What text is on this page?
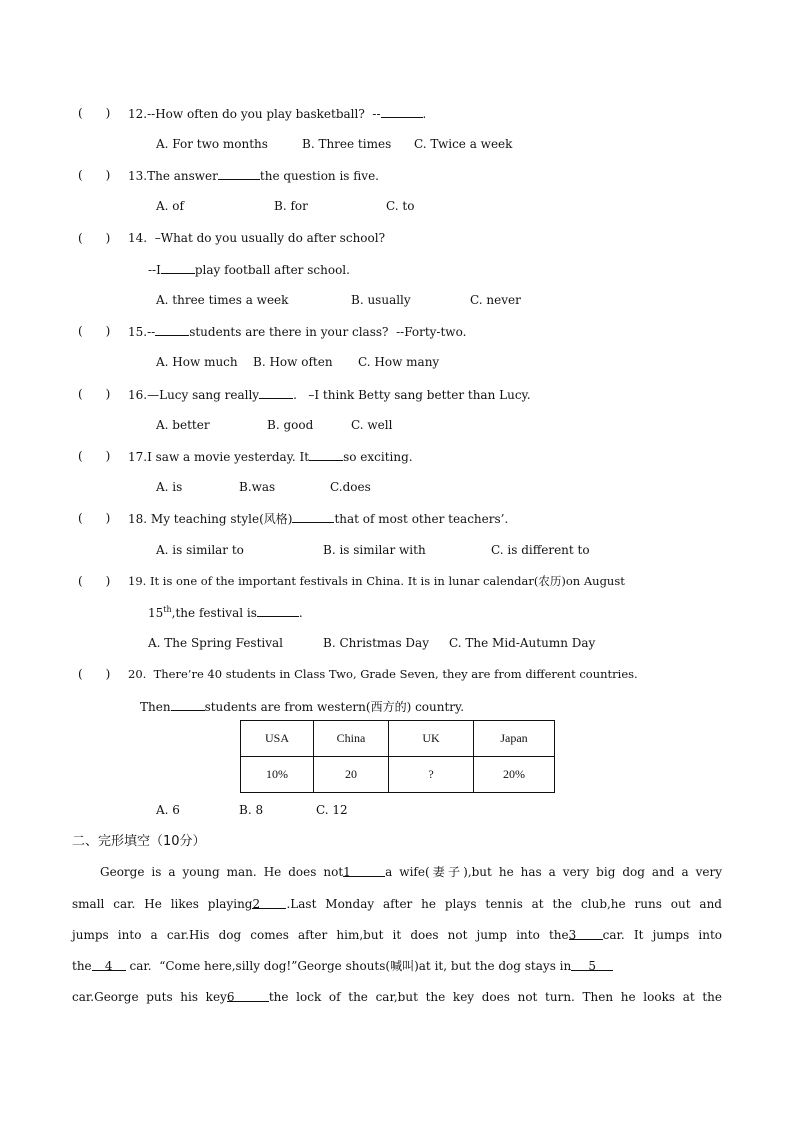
(      ) 12.--How often do you play basketball?  --	.
A. For two months	B. Three times C. Twice a week
(      ) 13.The answer	the question is five.
A. of	B. for	C. to
(      ) 14. –What do you usually do after school?
--I	play football after school.
A. three times a week	B. usually	C. never
(      ) 15.--	students are there in your class?  --Forty-two.
A. How much B. How often C. How many
(      ) 16.—Lucy sang really	.   –I think Betty sang better than Lucy.
A. better	B. good	C. well
(      ) 17.I saw a movie yesterday. It	so exciting.
A. is	B.was	C.does
(      ) 18. My teaching style(风格)	that of most other teachers’.
A. is similar to	B. is similar with	C. is different to
(      ) 19. It is one of the important festivals in China. It is in lunar calendar(农历)on August
15th,the festival is	.
A. The Spring Festival	B. Christmas Day C. The Mid-Autumn Day
(      ) 20. There’re 40 students in Class Two, Grade Seven, they are from different countries.
Then	students are from western(西方的) country.
USA	China	UK	Japan
10%	20	?	20%
A. 6	B. 8	C. 12
二、完形填空（10分）
George is a young man. He does not1	a wife(妻子),but he has a very big dog and a very
small car. He likes playing2 .Last Monday after he plays tennis at the club,he runs out and
jumps into a car.His dog comes after him,but it does not jump into the3 car. It jumps into
the 4 car.  “Come here,silly dog!”George shouts(喊叫)at it, but the dog stays in 5
car.George puts his key6	the lock of the car,but the key does not turn. Then he looks at the
